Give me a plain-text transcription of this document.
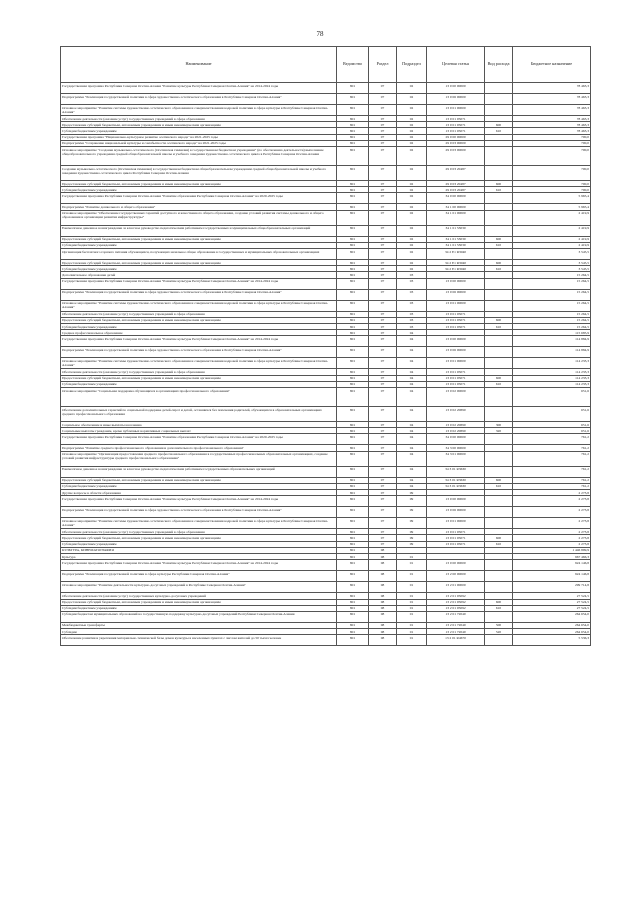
78
Наименование	Ведомство	Раздел	Подраздел	Целевая статья	Вид расхода	Бюджетное назначение
Государственная программа Республики Северная Осетия-Алания "Развитие культуры Республики Северная Осетия-Алания" на 2014-2024 годы	801	07	02	13 0 00 00000		78 463,3
Подпрограмма "Реализация государственной политики в сфере художественно-эстетического образования в Республике Северная Осетия-Алания"	801	07	02	13 0 06 00000		78 463,3
Основное мероприятие "Развитие системы художественно-эстетического образования и совершенствования кадровой политики в сфере культуры в Республике Северная Осетия-Алания"	801	07	02	13 0 01 00000		78 463,3
Обеспечение деятельности (оказание услуг) государственных учреждений в сфере образования	801	07	02	13 0 01 05071		78 463,3
Предоставление субсидий бюджетным, автономным учреждениям и иным некоммерческим организациям	801	07	02	13 0 01 05071	600	78 463,3
Субсидии бюджетным учреждениям	801	07	02	13 0 01 05071	610	78 463,3
Государственная программа "Национально-культурное развитие осетинского народа" на 2021-2025 годы	801	07	02	29 0 00 00000		700,0
Подпрограмма "Сохранение национальной культуры и самобытности осетинского народа" на 2021-2025 годы	801	07	02	29 0 03 00000		700,0
Основное мероприятие "Создание музыкально-эстетического (Осетинская гимназия) в государственном бюджетном учреждении" (по обеспечению деятельности) выполнение общеобразовательного учреждения средней общеобразовательной школы и учебного заведения художественно-эстетического цикла в Республике Северная Осетия-Алания	801	07	02	29 0 03 00000		700,0
Создание музыкально-эстетического (Осетинская гимназия) в государственном бюджетном общеобразовательном учреждении средней общеобразовательной школы и учебного заведения художественно-эстетического цикла Республики Северная Осетия-Алания	801	07	02	29 0 03 20487		700,0
Предоставление субсидий бюджетным, автономным учреждениям и иным некоммерческим организациям	801	07	02	29 0 03 20487	600	700,0
Субсидии бюджетным учреждениям	801	07	02	29 0 03 20487	610	700,0
Государственная программа Республики Северная Осетия-Алания "Развитие образования Республики Северная Осетия-Алания" на 2020-2025 годы	801	07	02	34 0 00 00000		5 965,4
Подпрограмма "Развитие дошкольного и общего образования"	801	07	02	34 1 00 00000		5 965,4
Основное мероприятие "Обеспечение государственных гарантий доступного и качественного общего образования, создание условий развития системы дошкольного и общего образования и организации развития инфраструктуры"	801	07	02	34 1 01 00000		2 419,9
Ежемесячное денежное вознаграждение за классное руководство педагогическим работникам государственных и муниципальных общеобразовательных организаций	801	07	02	34 1 01 53030		2 419,9
Предоставление субсидий бюджетным, автономным учреждениям и иным некоммерческим организациям	801	07	02	34 1 01 53030	600	2 419,9
Субсидии бюджетным учреждениям	801	07	02	34 1 01 53030	610	2 419,9
Организация бесплатного горячего питания обучающихся, получающих начальное общее образование в государственных и муниципальных образовательных организациях	801	07	02	34 2 E1 R3040		3 545,5
Предоставление субсидий бюджетным, автономным учреждениям и иным некоммерческим организациям	801	07	02	34 2 E1 R3040	600	3 545,5
Субсидии бюджетным учреждениям	801	07	02	34 2 E1 R3040	610	3 545,5
Дополнительное образование детей	801	07	03			15 264,5
Государственная программа Республики Северная Осетия-Алания "Развитие культуры Республики Северная Осетия-Алания" на 2014-2024 годы	801	07	03	13 0 00 00000		15 264,5
Подпрограмма "Реализация государственной политики в сфере художественно-эстетического образования в Республике Северная Осетия-Алания"	801	07	03	13 0 06 00000		15 264,5
Основное мероприятие "Развитие системы художественно-эстетического образования и совершенствования кадровой политики в сфере культуры в Республике Северная Осетия-Алания"	801	07	03	13 0 01 00000		15 264,5
Обеспечение деятельности (оказание услуг) государственных учреждений в сфере образования	801	07	03	13 0 01 05071		15 264,5
Предоставление субсидий бюджетным, автономным учреждениям и иным некоммерческим организациям	801	07	03	13 0 01 05071	600	15 264,5
Субсидии бюджетным учреждениям	801	07	03	13 0 01 05071	610	15 264,5
Среднее профессиональное образование	801	07	04			115 685,9
Государственная программа Республики Северная Осетия-Алания "Развитие культуры Республики Северная Осетия-Алания" на 2014-2024 годы	801	07	04	13 0 00 00000		114 884,9
Подпрограмма "Реализация государственной политики в сфере художественно-эстетического образования в Республике Северная Осетия-Алания"	801	07	04	13 0 06 00000		114 884,9
Основное мероприятие "Развитие системы художественно-эстетического образования и совершенствования кадровой политики в сфере культуры в Республике Северная Осетия-Алания"	801	07	04	13 0 01 00000		114 233,3
Обеспечение деятельности (оказание услуг) государственных учреждений в сфере образования	801	07	04	13 0 01 05071		114 233,3
Предоставление субсидий бюджетным, автономным учреждениям и иным некоммерческим организациям	801	07	04	13 0 01 05071	600	114 233,3
Субсидии бюджетным учреждениям	801	07	04	13 0 01 05071	610	114 233,3
Основное мероприятие "Социальная поддержка обучающихся в организациях профессионального образования"	801	07	04	13 0 02 00000		651,6
Обеспечение дополнительных гарантий по социальной поддержке детей-сирот и детей, оставшихся без попечения родителей, обучающихся в образовательных организациях среднего профессионального образования	801	07	04	13 0 02 20890		651,6
Социальное обеспечение и иные выплаты населению	801	07	04	13 0 02 20890	300	651,6
Социальные выплаты гражданам, кроме публичных нормативных социальных выплат	801	07	04	13 0 02 20890	320	651,6
Государственная программа Республики Северная Осетия-Алания "Развитие образования Республики Северная Осетия-Алания" на 2020-2025 годы	801	07	04	34 0 00 00000		761,2
Подпрограмма "Развитие среднего профессионального образования и дополнительного профессионального образования"	801	07	04	34 3 00 00000		761,2
Основное мероприятие "Организация предоставления среднего профессионального образования в государственных профессиональных образовательных организациях, создание условий развития инфраструктуры среднего профессионального образования"	801	07	04	34 3 01 00000		761,2
Ежемесячное денежное вознаграждение за классное руководство педагогическим работникам государственных образовательных организаций	801	07	04	34 3 01 R3630		761,2
Предоставление субсидий бюджетным, автономным учреждениям и иным некоммерческим организациям	801	07	04	34 3 01 R3630	600	761,2
Субсидии бюджетным учреждениям	801	07	04	34 3 01 R3630	610	761,2
Другие вопросы в области образования	801	07	09			2 273,8
Государственная программа Республики Северная Осетия-Алания "Развитие культуры Республики Северная Осетия-Алания" на 2014-2024 годы	801	07	09	13 0 00 00000		2 273,8
Подпрограмма "Реализация государственной политики в сфере художественно-эстетического образования в Республике Северная Осетия-Алания"	801	07	09	13 0 06 00000		2 273,8
Основное мероприятие "Развитие системы художественно-эстетического образования и совершенствования кадровой политики в сфере культуры в Республике Северная Осетия-Алания"	801	07	09	13 0 01 00000		2 273,8
Обеспечение деятельности (оказание услуг) государственных учреждений в сфере образования	801	07	09	13 0 01 05071		2 273,8
Предоставление субсидий бюджетным, автономным учреждениям и иным некоммерческим организациям	801	07	09	13 0 01 05071	600	2 273,8
Субсидии бюджетным учреждениям	801	07	09	13 0 01 05071	610	2 273,8
КУЛЬТУРА, КИНЕМАТОГРАФИЯ	801	08				1 446 899,9
Культура	801	08	01			967 466,3
Государственная программа Республики Северная Осетия-Алания "Развитие культуры Республики Северная Осетия-Алания" на 2014-2024 годы	801	08	01	13 0 00 00000		924 146,8
Подпрограмма "Реализация государственной политики в сфере культуры Республики Северная Осетия-Алания"	801	08	01	13 2 00 00000		924 146,8
Основное мероприятие "Развитие деятельности культурно-досуговых учреждений в Республике Северная Осетия-Алания"	801	08	01	13 2 01 00000		299 714,8
Обеспечение деятельности (оказание услуг) государственных культурно-досуговых учреждений	801	08	01	13 2 01 05092		27 524,5
Предоставление субсидий бюджетным, автономным учреждениям и иным некоммерческим организациям	801	08	01	13 2 01 05092	600	27 524,5
Субсидии бюджетным учреждениям	801	08	01	13 2 01 05092	610	27 524,5
Субсидии бюджетам муниципальных образований на государственную поддержку культурно-досуговых учреждений Республики Северная Осетия-Алания	801	08	01	13 2 01 72040		264 654,0
Межбюджетные трансферты	801	08	01	13 2 01 72040	500	264 654,0
Субсидии	801	08	01	13 2 01 72040	520	264 654,0
Обеспечение развития и укрепления материально-технической базы домов культуры в населенных пунктах с числом жителей до 50 тысяч человек	801	08	01	13 2 01 R4670		5 536,3
